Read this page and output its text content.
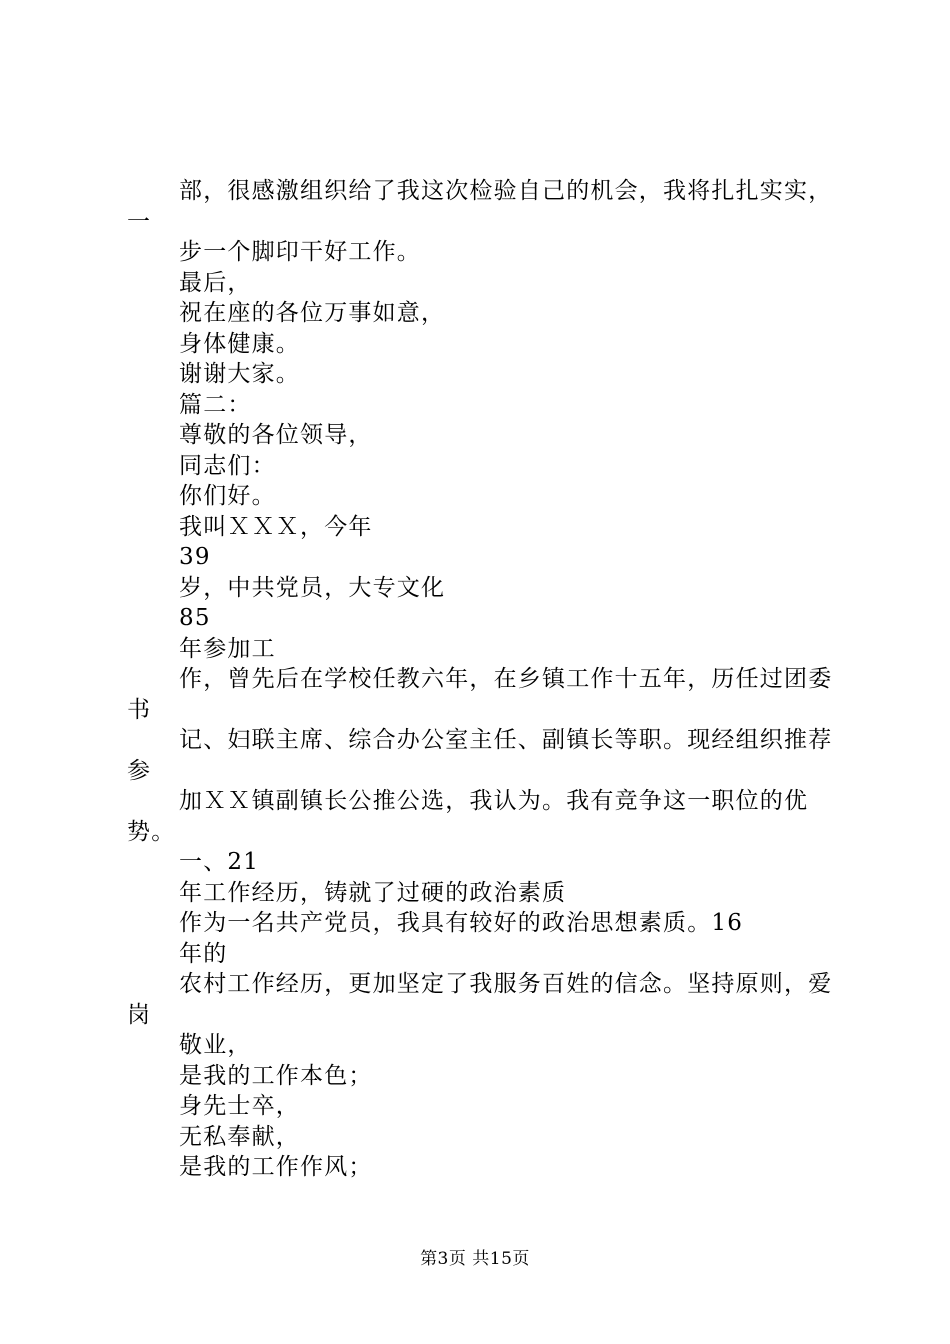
部，很感激组织给了我这次检验自己的机会，我将扎扎实实，一
步一个脚印干好工作。
最后，
祝在座的各位万事如意，
身体健康。
谢谢大家。
篇二：
尊敬的各位领导，
同志们：
你们好。
我叫ＸＸＸ，今年
39
岁，中共党员，大专文化
85
年参加工
作，曾先后在学校任教六年，在乡镇工作十五年，历任过团委书
记、妇联主席、综合办公室主任、副镇长等职。现经组织推荐参
加ＸＸ镇副镇长公推公选，我认为。我有竞争这一职位的优势。
一、21
年工作经历，铸就了过硬的政治素质
作为一名共产党员，我具有较好的政治思想素质。16
年的
农村工作经历，更加坚定了我服务百姓的信念。坚持原则，爱岗
敬业，
是我的工作本色；
身先士卒，
无私奉献，
是我的工作作风；
第3页 共15页
